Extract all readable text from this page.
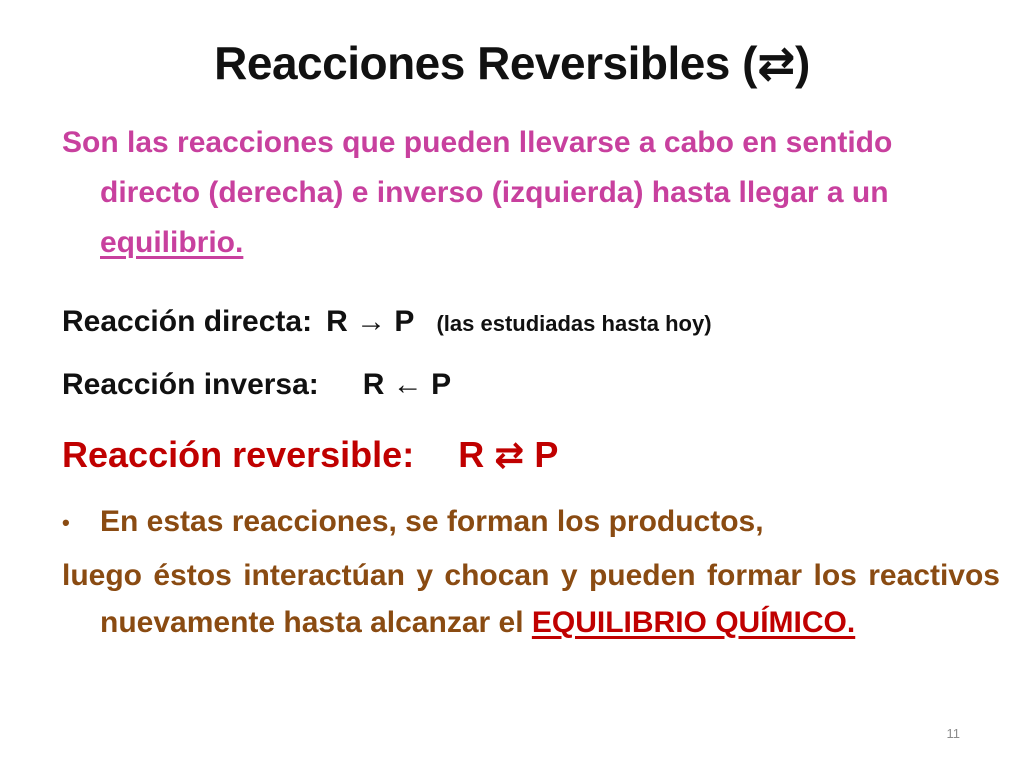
Reacciones Reversibles (⇄)
Son las reacciones que pueden llevarse a cabo en sentido directo (derecha) e inverso (izquierda) hasta llegar a un equilibrio.
Reacción directa: R → P (las estudiadas hasta hoy)
Reacción inversa: R ← P
Reacción reversible: R ⇄ P
• En estas reacciones, se forman los productos,
luego éstos interactúan y chocan y pueden formar los reactivos nuevamente hasta alcanzar el EQUILIBRIO QUÍMICO.
11
